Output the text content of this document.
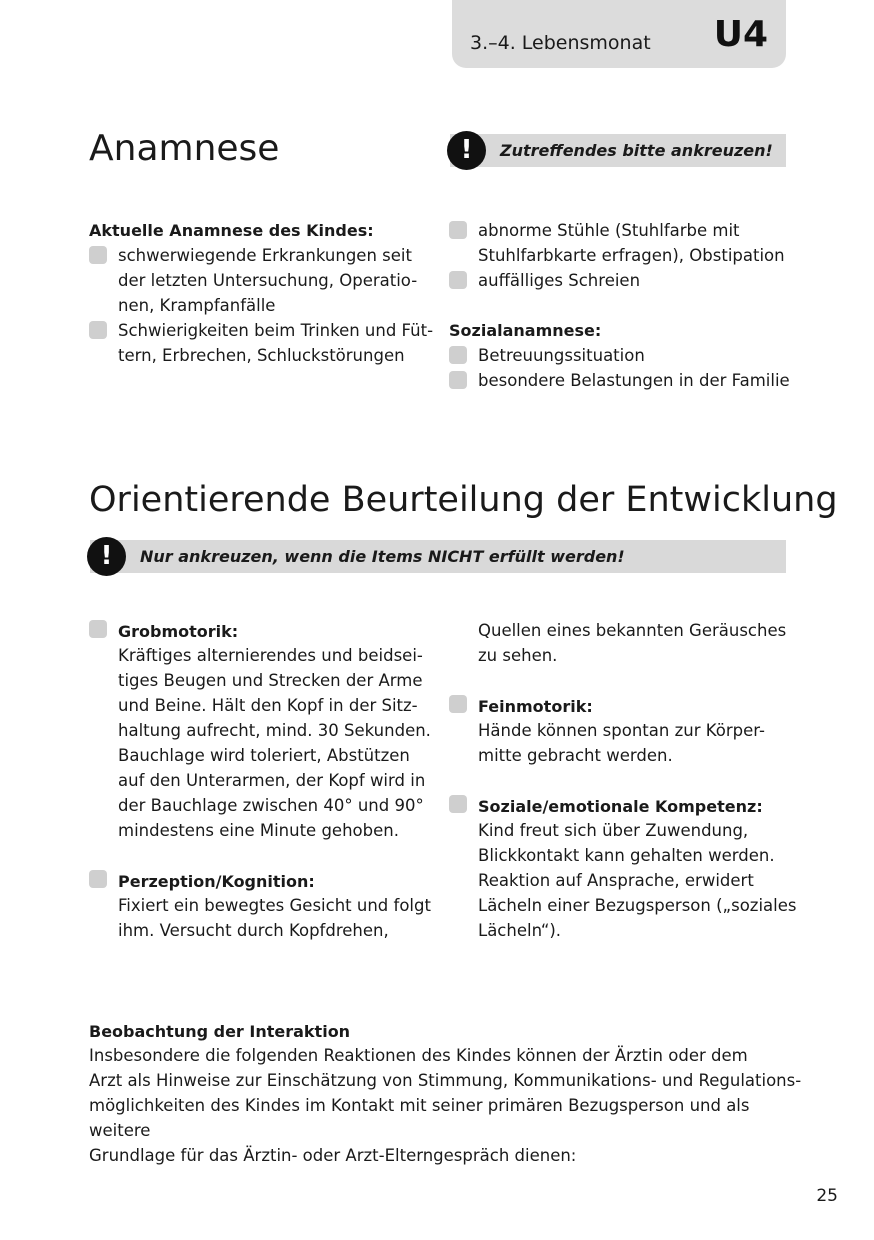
3.–4. Lebensmonat U4
Anamnese	!	Zutreffendes bitte ankreuzen!
Aktuelle Anamnese des Kindes:
schwerwiegende Erkrankungen seit
der letzten Untersuchung, Operatio-
nen, Krampfanfälle
Schwierigkeiten beim Trinken und Füt-
tern, Erbrechen, Schluckstörungen
abnorme Stühle (Stuhlfarbe mit
Stuhlfarbkarte erfragen), Obstipation
auffälliges Schreien
Sozialanamnese:
Betreuungssituation
besondere Belastungen in der Familie
Orientierende Beurteilung der Entwicklung
!	Nur ankreuzen, wenn die Items NICHT erfüllt werden!
Grobmotorik:
Kräftiges alternierendes und beidsei-
tiges Beugen und Strecken der Arme
und Beine. Hält den Kopf in der Sitz-
haltung aufrecht, mind. 30 Sekunden.
Bauchlage wird toleriert, Abstützen
auf den Unterarmen, der Kopf wird in
der Bauchlage zwischen 40° und 90°
mindestens eine Minute gehoben.
Perzeption/Kognition:
Fixiert ein bewegtes Gesicht und folgt
ihm. Versucht durch Kopfdrehen,
Quellen eines bekannten Geräusches
zu sehen.
Feinmotorik:
Hände können spontan zur Körper-
mitte gebracht werden.
Soziale/emotionale Kompetenz:
Kind freut sich über Zuwendung,
Blickkontakt kann gehalten werden.
Reaktion auf Ansprache, erwidert
Lächeln einer Bezugsperson („soziales
Lächeln“).
Beobachtung der Interaktion
Insbesondere die folgenden Reaktionen des Kindes können der Ärztin oder dem
Arzt als Hinweise zur Einschätzung von Stimmung, Kommunikations- und Regulations-
möglichkeiten des Kindes im Kontakt mit seiner primären Bezugsperson und als weitere
Grundlage für das Ärztin- oder Arzt-Elterngespräch dienen:
25
